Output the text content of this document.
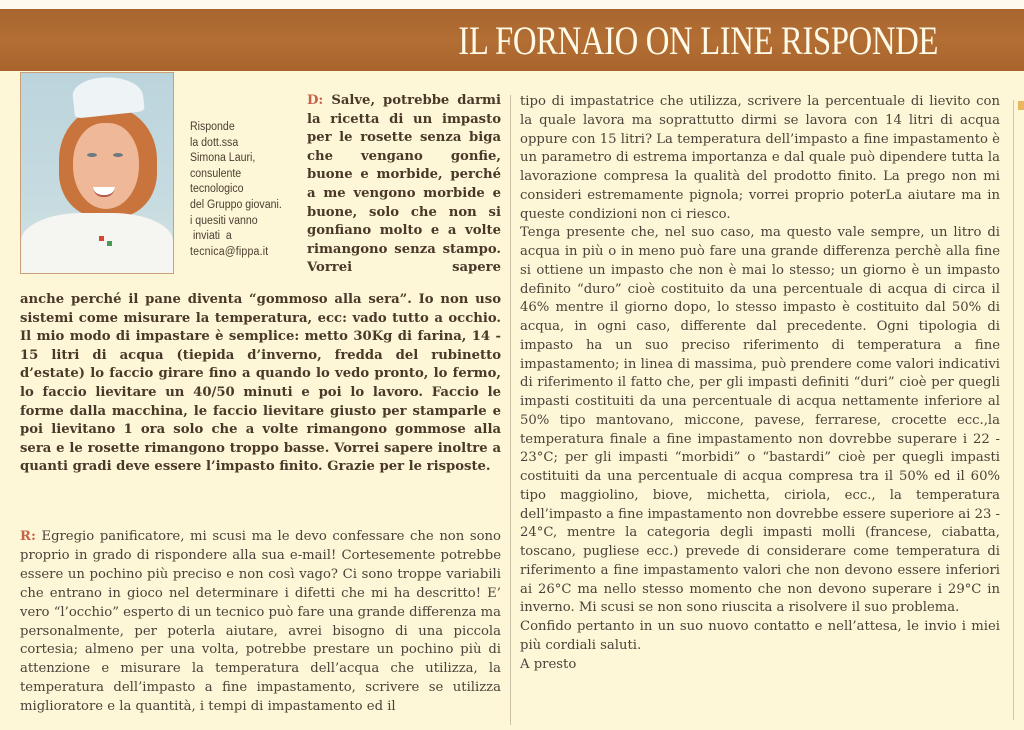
IL FORNAIO ON LINE RISPONDE
Risponde
la dott.ssa
Simona Lauri,
consulente
tecnologico
del Gruppo giovani.
i quesiti vanno
inviati  a
tecnica@fippa.it

D: Salve, potrebbe darmi la ricetta di un impasto per le rosette senza biga che vengano gonfie, buone e morbide, perché a me vengono morbide e buone, solo che non si gonfiano molto e a volte rimangono senza stampo. Vorrei sapere

anche perché il pane diventa “gommoso alla sera”. Io non uso sistemi come misurare la temperatura, ecc: vado tutto a occhio. Il mio modo di impastare è semplice: metto 30Kg di farina, 14 - 15 litri di acqua (tiepida d’inverno, fredda del rubinetto d’estate) lo faccio girare fino a quando lo vedo pronto, lo fermo, lo faccio lievitare un 40/50 minuti e poi lo lavoro. Faccio le forme dalla macchina, le faccio lievitare giusto per stamparle e poi lievitano 1 ora solo che a volte rimangono gommose alla sera e le rosette rimangono troppo basse. Vorrei sapere inoltre a quanti gradi deve essere l’impasto finito. Grazie per le risposte.

R: Egregio panificatore, mi scusi ma le devo confessare che non sono proprio in grado di rispondere alla sua e-mail! Cortesemente potrebbe essere un pochino più preciso e non così vago? Ci sono troppe variabili che entrano in gioco nel determinare i difetti che mi ha descritto! E’ vero “l’occhio” esperto di un tecnico può fare una grande differenza ma personalmente, per poterla aiutare, avrei bisogno di una piccola cortesia; almeno per una volta, potrebbe prestare un pochino più di attenzione e misurare la temperatura dell’acqua che utilizza, la temperatura dell’impasto a fine impastamento, scrivere se utilizza miglioratore e la quantità, i tempi di impastamento ed il

tipo di impastatrice che utilizza, scrivere la percentuale di lievito con la quale lavora ma soprattutto dirmi se lavora con 14 litri di acqua oppure con 15 litri? La temperatura dell’impasto a fine impastamento è un parametro di estrema importanza e dal quale può dipendere tutta la lavorazione compresa la qualità del prodotto finito. La prego non mi consideri estremamente pignola; vorrei proprio poterLa aiutare ma in queste condizioni non ci riesco.

Tenga presente che, nel suo caso, ma questo vale sempre, un litro di acqua in più o in meno può fare una grande differenza perchè alla fine si ottiene un impasto che non è mai lo stesso; un giorno è un impasto definito “duro” cioè costituito da una percentuale di acqua di circa il 46% mentre il giorno dopo, lo stesso impasto è costituito dal 50% di acqua, in ogni caso, differente dal precedente. Ogni tipologia di impasto ha un suo preciso riferimento di temperatura a fine impastamento; in linea di massima, può prendere come valori indicativi di riferimento il fatto che, per gli impasti definiti “duri” cioè per quegli impasti costituiti da una percentuale di acqua nettamente inferiore al 50% tipo mantovano, miccone, pavese, ferrarese, crocette ecc.,la temperatura finale a fine impastamento non dovrebbe superare i 22 - 23°C; per gli impasti “morbidi” o “bastardi” cioè per quegli impasti costituiti da una percentuale di acqua compresa tra il 50% ed il 60% tipo maggiolino, biove, michetta, ciriola, ecc., la temperatura dell’impasto a fine impastamento non dovrebbe essere superiore ai 23 - 24°C, mentre la categoria degli impasti molli (francese, ciabatta, toscano, pugliese ecc.) prevede di considerare come temperatura di riferimento a fine impastamento valori che non devono essere inferiori ai 26°C ma nello stesso momento che non devono superare i 29°C in inverno. Mi scusi se non sono riuscita a risolvere il suo problema.

Confido pertanto in un suo nuovo contatto e nell’attesa, le invio i miei più cordiali saluti.

A presto
